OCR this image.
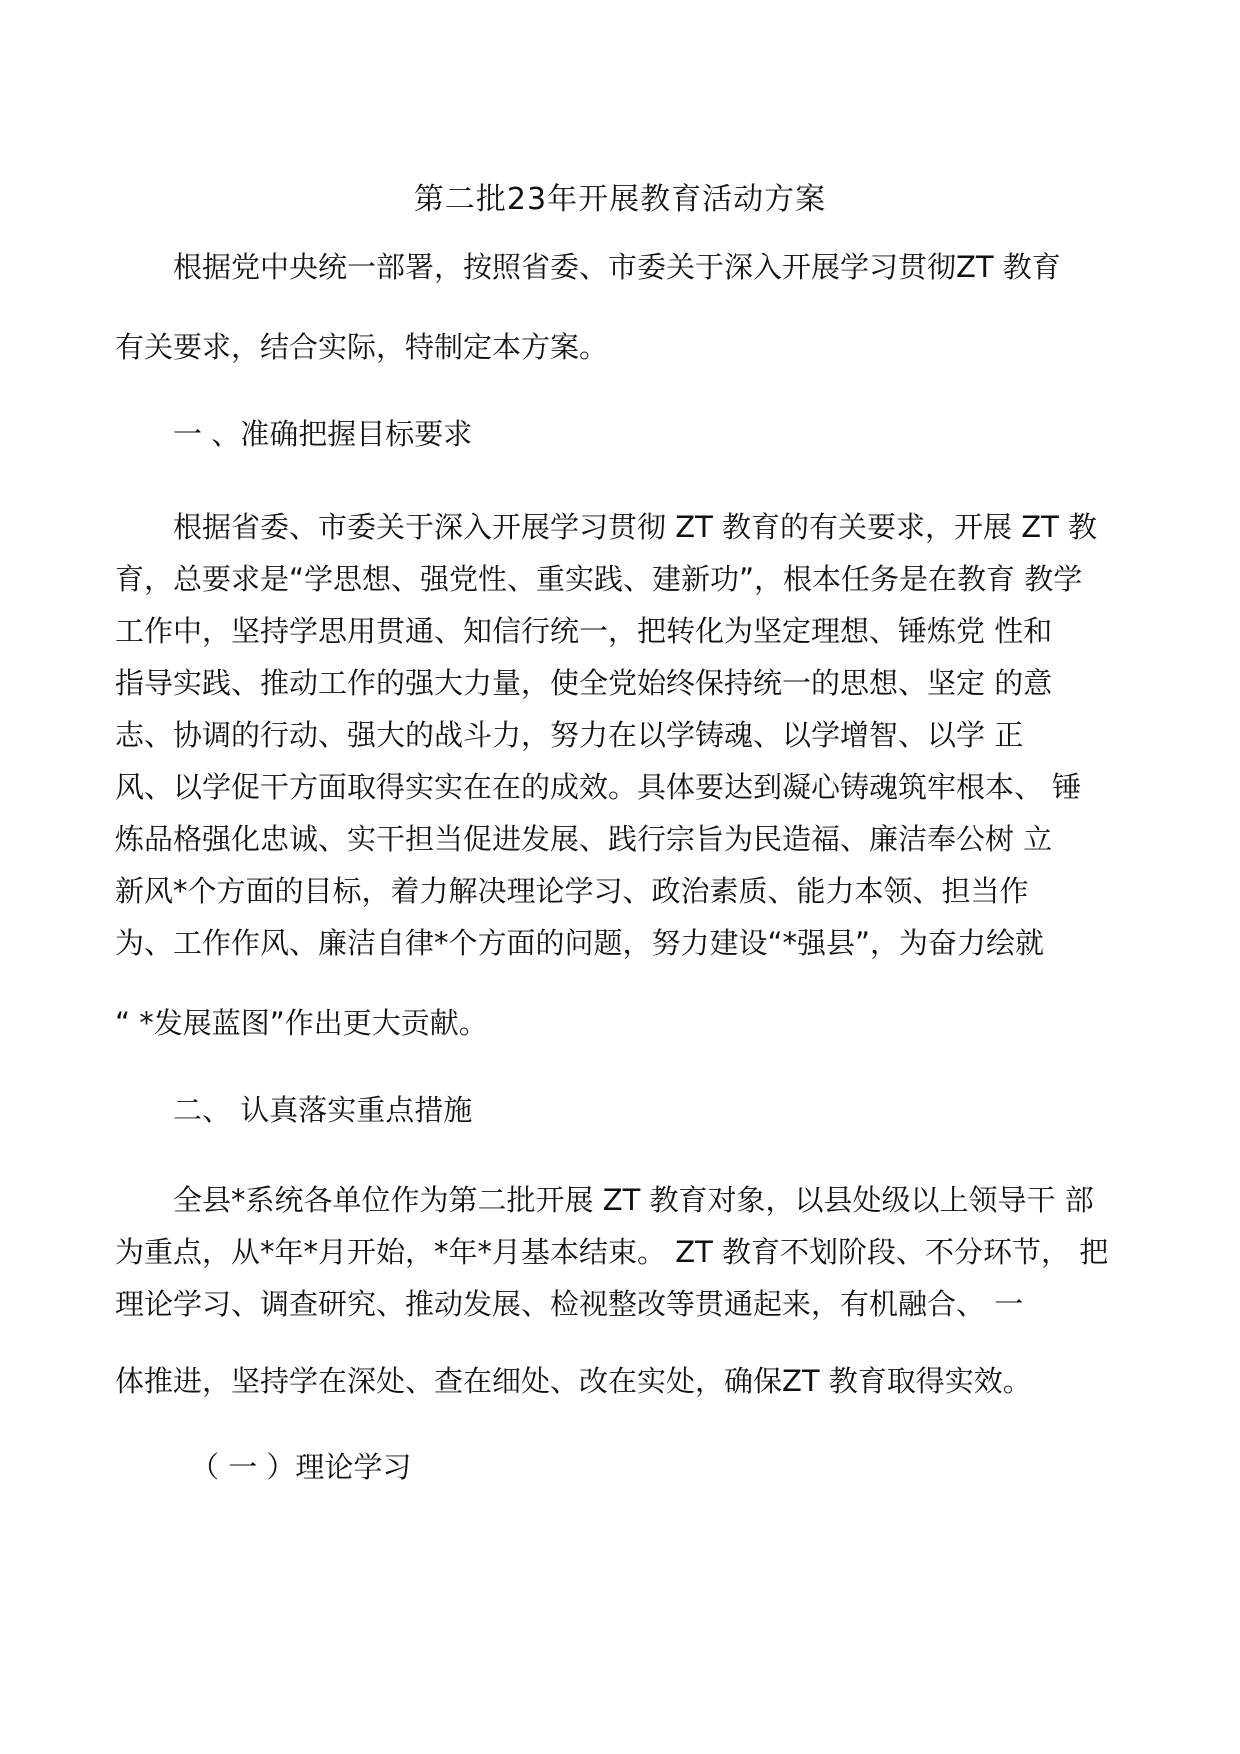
第二批23年开展教育活动方案
根据党中央统一部署，按照省委、市委关于深入开展学习贯彻ZT 教育
有关要求，结合实际，特制定本方案。
一 、准确把握目标要求
根据省委、市委关于深入开展学习贯彻 ZT 教育的有关要求，开展 ZT 教
育，总要求是“学思想、强党性、重实践、建新功”，根本任务是在教育 教学
工作中，坚持学思用贯通、知信行统一，把转化为坚定理想、锤炼党 性和
指导实践、推动工作的强大力量，使全党始终保持统一的思想、坚定 的意
志、协调的行动、强大的战斗力，努力在以学铸魂、以学增智、以学 正
风、以学促干方面取得实实在在的成效。具体要达到凝心铸魂筑牢根本、 锤
炼品格强化忠诚、实干担当促进发展、践行宗旨为民造福、廉洁奉公树 立
新风*个方面的目标，着力解决理论学习、政治素质、能力本领、担当作
为、工作作风、廉洁自律*个方面的问题，努力建设“*强县”，为奋力绘就
“ *发展蓝图”作出更大贡献。
二、 认真落实重点措施
全县*系统各单位作为第二批开展 ZT 教育对象，以县处级以上领导干 部
为重点，从*年*月开始，*年*月基本结束。 ZT 教育不划阶段、不分环节， 把
理论学习、调查研究、推动发展、检视整改等贯通起来，有机融合、 一
体推进，坚持学在深处、查在细处、改在实处，确保ZT 教育取得实效。
（ 一 ）理论学习
